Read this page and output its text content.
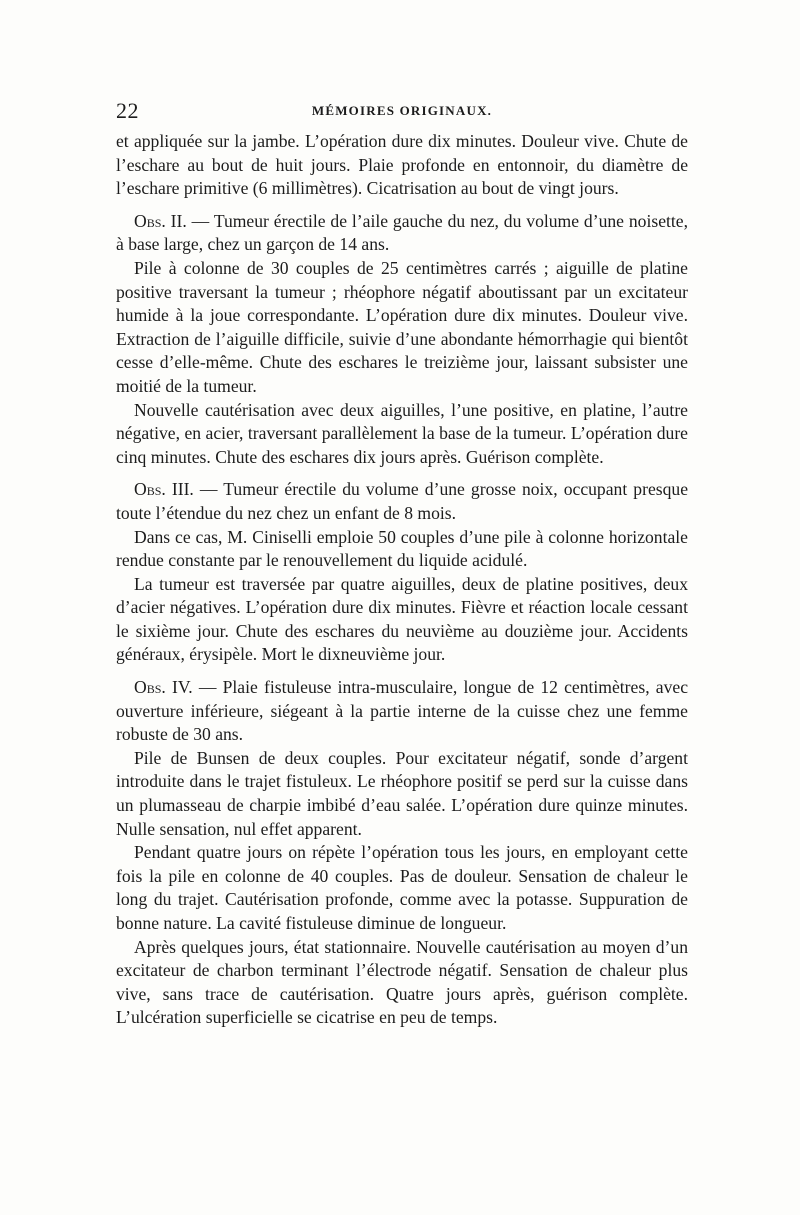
22	MÉMOIRES ORIGINAUX.

et appliquée sur la jambe. L’opération dure dix minutes. Douleur vive. Chute de l’eschare au bout de huit jours. Plaie profonde en entonnoir, du diamètre de l’eschare primitive (6 millimètres). Cicatrisation au bout de vingt jours.

Obs. II. — Tumeur érectile de l’aile gauche du nez, du volume d’une noisette, à base large, chez un garçon de 14 ans.

Pile à colonne de 30 couples de 25 centimètres carrés ; aiguille de platine positive traversant la tumeur ; rhéophore négatif aboutissant par un excitateur humide à la joue correspondante. L’opération dure dix minutes. Douleur vive. Extraction de l’aiguille difficile, suivie d’une abondante hémorrhagie qui bientôt cesse d’elle-même. Chute des eschares le treizième jour, laissant subsister une moitié de la tumeur.

Nouvelle cautérisation avec deux aiguilles, l’une positive, en platine, l’autre négative, en acier, traversant parallèlement la base de la tumeur. L’opération dure cinq minutes. Chute des eschares dix jours après. Guérison complète.

Obs. III. — Tumeur érectile du volume d’une grosse noix, occupant presque toute l’étendue du nez chez un enfant de 8 mois.

Dans ce cas, M. Ciniselli emploie 50 couples d’une pile à colonne horizontale rendue constante par le renouvellement du liquide acidulé.

La tumeur est traversée par quatre aiguilles, deux de platine positives, deux d’acier négatives. L’opération dure dix minutes. Fièvre et réaction locale cessant le sixième jour. Chute des eschares du neuvième au douzième jour. Accidents généraux, érysipèle. Mort le dixneuvième jour.

Obs. IV. — Plaie fistuleuse intra-musculaire, longue de 12 centimètres, avec ouverture inférieure, siégeant à la partie interne de la cuisse chez une femme robuste de 30 ans.

Pile de Bunsen de deux couples. Pour excitateur négatif, sonde d’argent introduite dans le trajet fistuleux. Le rhéophore positif se perd sur la cuisse dans un plumasseau de charpie imbibé d’eau salée. L’opération dure quinze minutes. Nulle sensation, nul effet apparent.

Pendant quatre jours on répète l’opération tous les jours, en employant cette fois la pile en colonne de 40 couples. Pas de douleur. Sensation de chaleur le long du trajet. Cautérisation profonde, comme avec la potasse. Suppuration de bonne nature. La cavité fistuleuse diminue de longueur.

Après quelques jours, état stationnaire. Nouvelle cautérisation au moyen d’un excitateur de charbon terminant l’électrode négatif. Sensation de chaleur plus vive, sans trace de cautérisation. Quatre jours après, guérison complète. L’ulcération superficielle se cicatrise en peu de temps.
